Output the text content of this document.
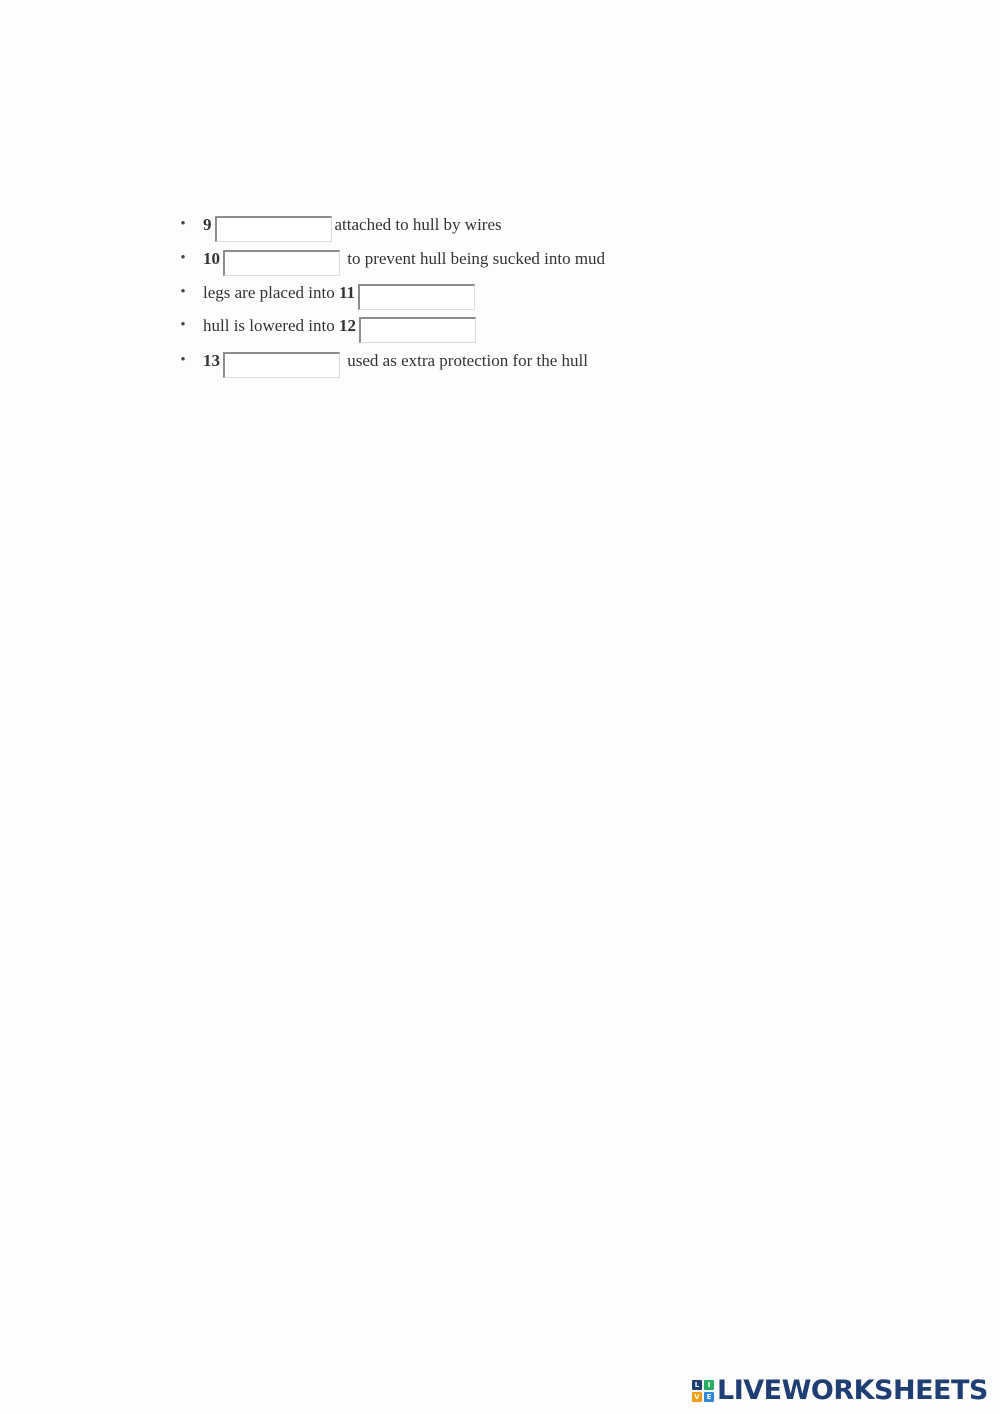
•	9	attached to hull by wires
•	10	to prevent hull being sucked into mud
•	legs are placed into 11
•	hull is lowered into 12
•	13	used as extra protection for the hull
L	I
V E LIVEWORKSHEETS
